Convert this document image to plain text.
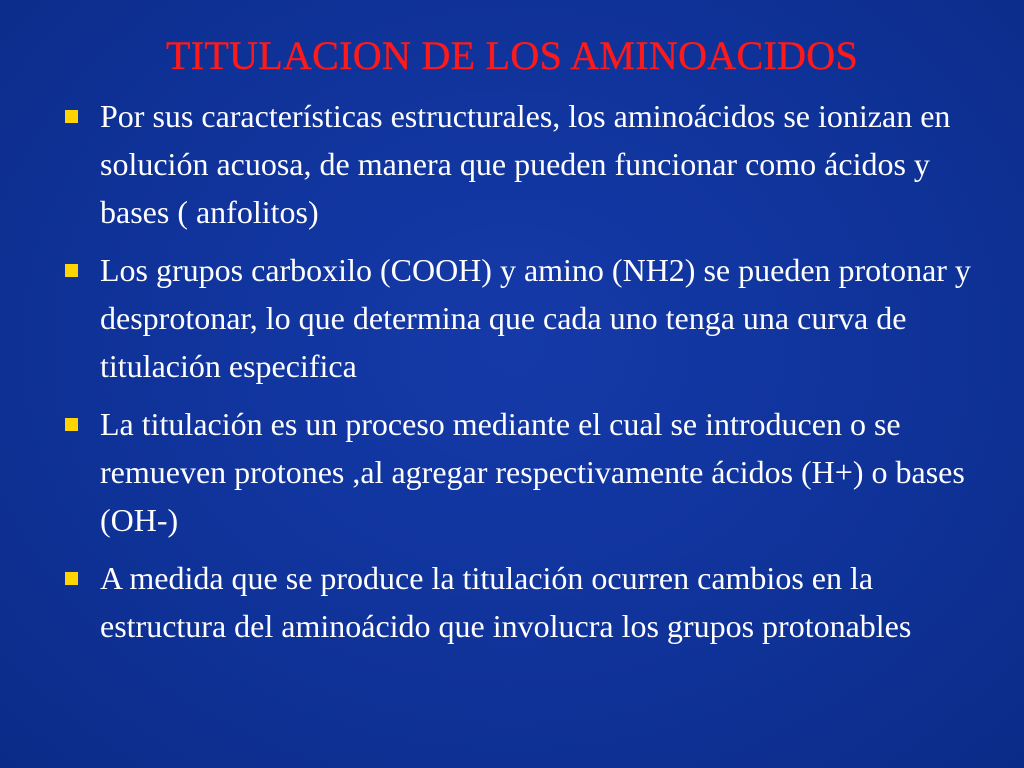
TITULACION DE LOS AMINOACIDOS
Por sus características estructurales, los aminoácidos se ionizan en solución acuosa, de manera que pueden funcionar como ácidos y bases ( anfolitos)
Los grupos carboxilo (COOH) y amino (NH2) se pueden protonar y desprotonar, lo que determina que cada uno tenga una curva de titulación especifica
La titulación es un proceso mediante el cual se introducen o se remueven protones ,al agregar respectivamente ácidos (H+) o bases (OH-)
A medida que se produce la titulación ocurren cambios en la estructura del aminoácido que involucra los grupos protonables
